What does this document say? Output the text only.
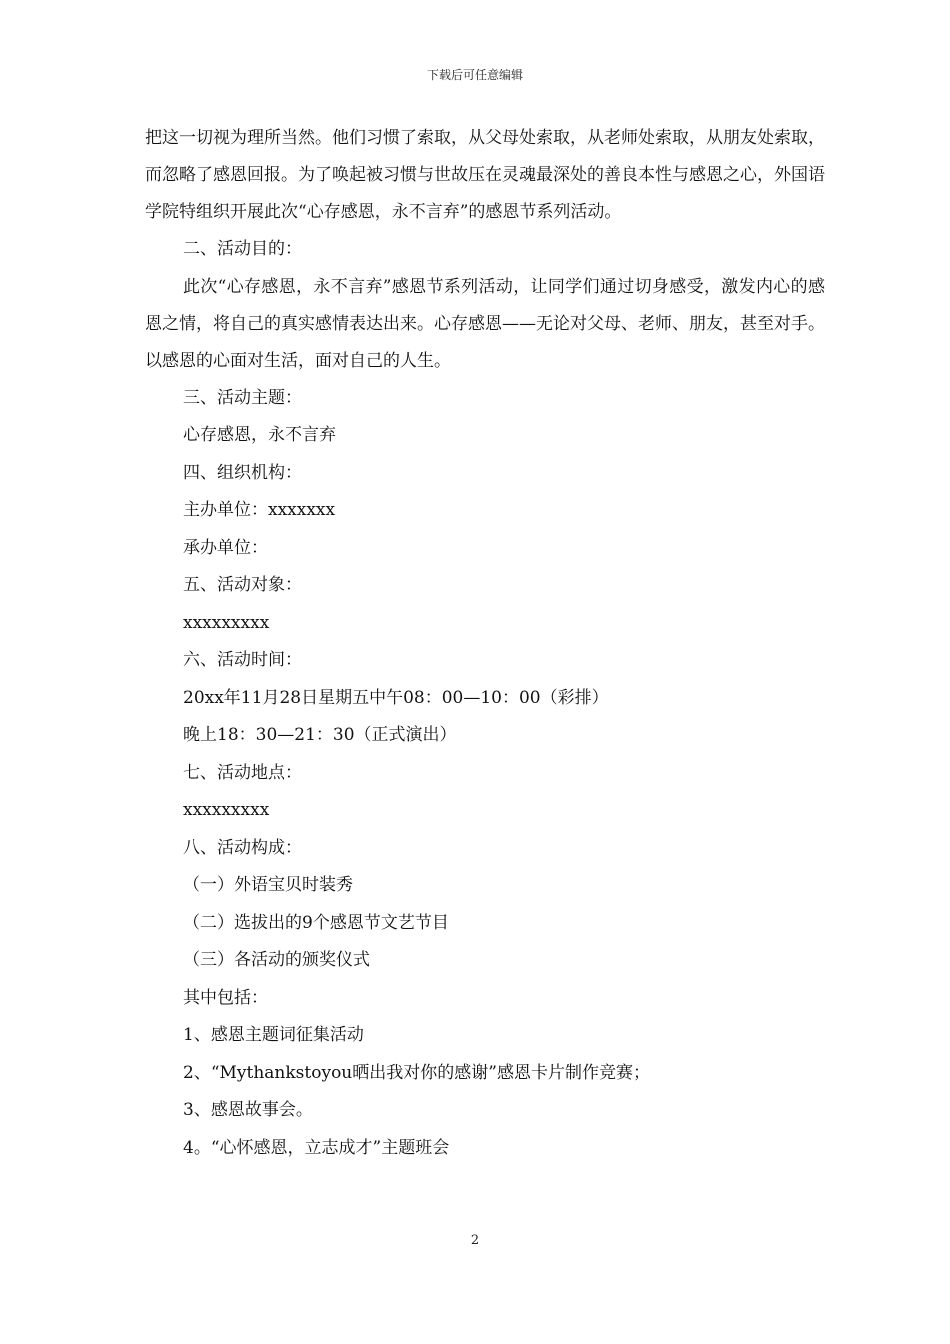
下载后可任意编辑

把这一切视为理所当然。他们习惯了索取，从父母处索取，从老师处索取，从朋友处索取，而忽略了感恩回报。为了唤起被习惯与世故压在灵魂最深处的善良本性与感恩之心，外国语学院特组织开展此次“心存感恩，永不言弃”的感恩节系列活动。

二、活动目的：

此次“心存感恩，永不言弃”感恩节系列活动，让同学们通过切身感受，激发内心的感恩之情，将自己的真实感情表达出来。心存感恩——无论对父母、老师、朋友，甚至对手。以感恩的心面对生活，面对自己的人生。

三、活动主题：

心存感恩，永不言弃

四、组织机构：

主办单位：xxxxxxx

承办单位：

五、活动对象：

xxxxxxxxx

六、活动时间：

20xx年11月28日星期五中午08：00—10：00（彩排）

晚上18：30—21：30（正式演出）

七、活动地点：

xxxxxxxxx

八、活动构成：

（一）外语宝贝时装秀

（二）选拔出的9个感恩节文艺节目

（三）各活动的颁奖仪式

其中包括：

1、感恩主题词征集活动

2、“Mythankstoyou晒出我对你的感谢”感恩卡片制作竞赛；

3、感恩故事会。

4。“心怀感恩，立志成才”主题班会

2
